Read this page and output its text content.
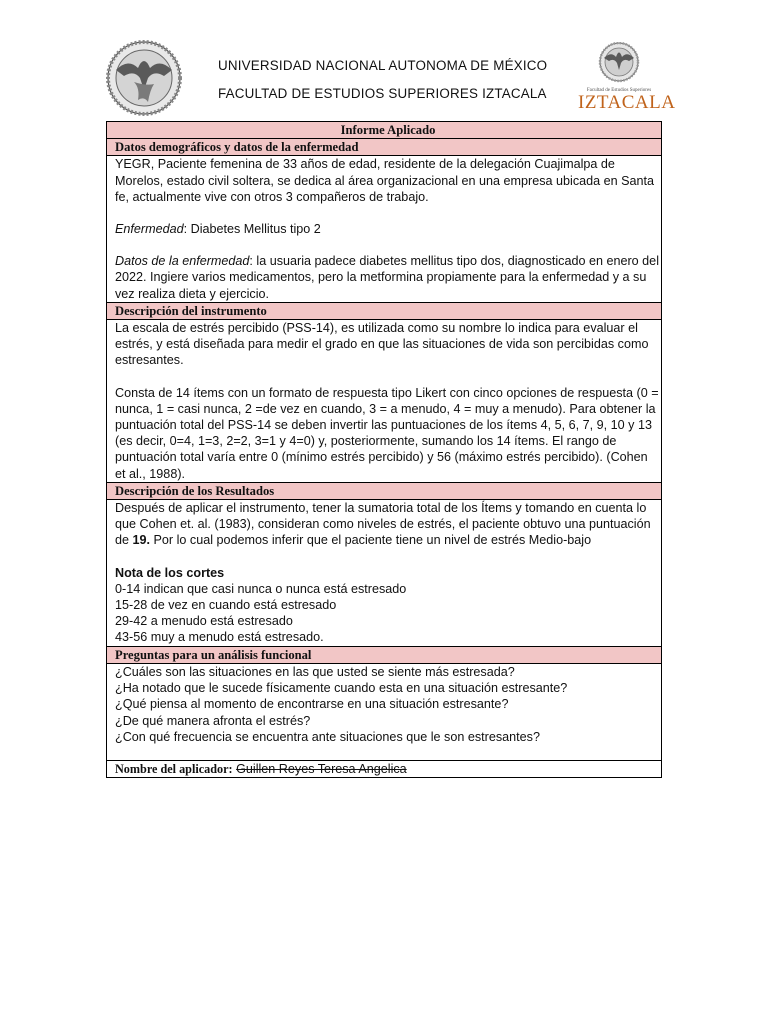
UNIVERSIDAD NACIONAL AUTONOMA DE MÉXICO
FACULTAD DE ESTUDIOS SUPERIORES IZTACALA	Facultad de Estudios Superiores
IZTACALA
Informe Aplicado
Datos demográficos y datos de la enfermedad

YEGR, Paciente femenina de 33 años de edad, residente de la delegación Cuajimalpa de Morelos, estado civil soltera, se dedica al área organizacional en una empresa ubicada en Santa fe, actualmente vive con otros 3 compañeros de trabajo.

Enfermedad: Diabetes Mellitus tipo 2

Datos de la enfermedad: la usuaria padece diabetes mellitus tipo dos, diagnosticado en enero del 2022. Ingiere varios medicamentos, pero la metformina propiamente para la enfermedad y a su vez realiza dieta y ejercicio.

Descripción del instrumento

La escala de estrés percibido (PSS-14), es utilizada como su nombre lo indica para evaluar el estrés, y está diseñada para medir el grado en que las situaciones de vida son percibidas como estresantes.

Consta de 14 ítems con un formato de respuesta tipo Likert con cinco opciones de respuesta (0 = nunca, 1 = casi nunca, 2 =de vez en cuando, 3 = a menudo, 4 = muy a menudo). Para obtener la puntuación total del PSS-14 se deben invertir las puntuaciones de los ítems 4, 5, 6, 7, 9, 10 y 13 (es decir, 0=4, 1=3, 2=2, 3=1 y 4=0) y, posteriormente, sumando los 14 ítems. El rango de puntuación total varía entre 0 (mínimo estrés percibido) y 56 (máximo estrés percibido). (Cohen et al., 1988).

Descripción de los Resultados

Después de aplicar el instrumento, tener la sumatoria total de los Ítems y tomando en cuenta lo que Cohen et. al. (1983), consideran como niveles de estrés, el paciente obtuvo una puntuación de 19. Por lo cual podemos inferir que el paciente tiene un nivel de estrés Medio-bajo

Nota de los cortes

0-14 indican que casi nunca o nunca está estresado

15-28 de vez en cuando está estresado

29-42 a menudo está estresado

43-56 muy a menudo está estresado.

Preguntas para un análisis funcional

¿Cuáles son las situaciones en las que usted se siente más estresada?

¿Ha notado que le sucede físicamente cuando esta en una situación estresante?

¿Qué piensa al momento de encontrarse en una situación estresante?

¿De qué manera afronta el estrés?

¿Con qué frecuencia se encuentra ante situaciones que le son estresantes?

Nombre del aplicador: Guillen Reyes Teresa Angelica
